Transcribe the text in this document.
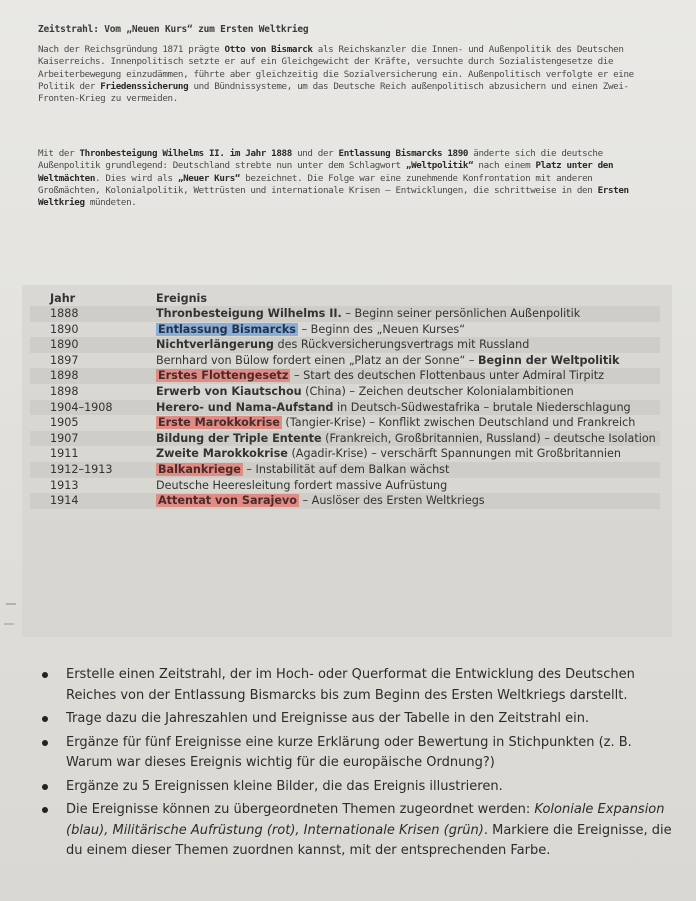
Zeitstrahl: Vom „Neuen Kurs“ zum Ersten Weltkrieg
Nach der Reichsgründung 1871 prägte Otto von Bismarck als Reichskanzler die Innen- und Außenpolitik des Deutschen Kaiserreichs. Innenpolitisch setzte er auf ein Gleichgewicht der Kräfte, versuchte durch Sozialistengesetze die Arbeiterbewegung einzudämmen, führte aber gleichzeitig die Sozialversicherung ein. Außenpolitisch verfolgte er eine Politik der Friedenssicherung und Bündnissysteme, um das Deutsche Reich außenpolitisch abzusichern und einen Zwei-Fronten-Krieg zu vermeiden.
Mit der Thronbesteigung Wilhelms II. im Jahr 1888 und der Entlassung Bismarcks 1890 änderte sich die deutsche Außenpolitik grundlegend: Deutschland strebte nun unter dem Schlagwort „Weltpolitik“ nach einem Platz unter den Weltmächten. Dies wird als „Neuer Kurs“ bezeichnet. Die Folge war eine zunehmende Konfrontation mit anderen Großmächten, Kolonialpolitik, Wettrüsten und internationale Krisen – Entwicklungen, die schrittweise in den Ersten Weltkrieg mündeten.
Jahr	Ereignis
1888	Thronbesteigung Wilhelms II. – Beginn seiner persönlichen Außenpolitik
1890	Entlassung Bismarcks – Beginn des „Neuen Kurses“
1890	Nichtverlängerung des Rückversicherungsvertrags mit Russland
1897	Bernhard von Bülow fordert einen „Platz an der Sonne“ – Beginn der Weltpolitik
1898	Erstes Flottengesetz – Start des deutschen Flottenbaus unter Admiral Tirpitz
1898	Erwerb von Kiautschou (China) – Zeichen deutscher Kolonialambitionen
1904–1908	Herero- und Nama-Aufstand in Deutsch-Südwestafrika – brutale Niederschlagung
1905	Erste Marokkokrise (Tangier-Krise) – Konflikt zwischen Deutschland und Frankreich
1907	Bildung der Triple Entente (Frankreich, Großbritannien, Russland) – deutsche Isolation
1911	Zweite Marokkokrise (Agadir-Krise) – verschärft Spannungen mit Großbritannien
1912–1913	Balkankriege – Instabilität auf dem Balkan wächst
1913	Deutsche Heeresleitung fordert massive Aufrüstung
1914	Attentat von Sarajevo – Auslöser des Ersten Weltkriegs
Erstelle einen Zeitstrahl, der im Hoch- oder Querformat die Entwicklung des Deutschen Reiches von der Entlassung Bismarcks bis zum Beginn des Ersten Weltkriegs darstellt.
Trage dazu die Jahreszahlen und Ereignisse aus der Tabelle in den Zeitstrahl ein.
Ergänze für fünf Ereignisse eine kurze Erklärung oder Bewertung in Stichpunkten (z. B. Warum war dieses Ereignis wichtig für die europäische Ordnung?)
Ergänze zu 5 Ereignissen kleine Bilder, die das Ereignis illustrieren.
Die Ereignisse können zu übergeordneten Themen zugeordnet werden: Koloniale Expansion (blau), Militärische Aufrüstung (rot), Internationale Krisen (grün). Markiere die Ereignisse, die du einem dieser Themen zuordnen kannst, mit der entsprechenden Farbe.
